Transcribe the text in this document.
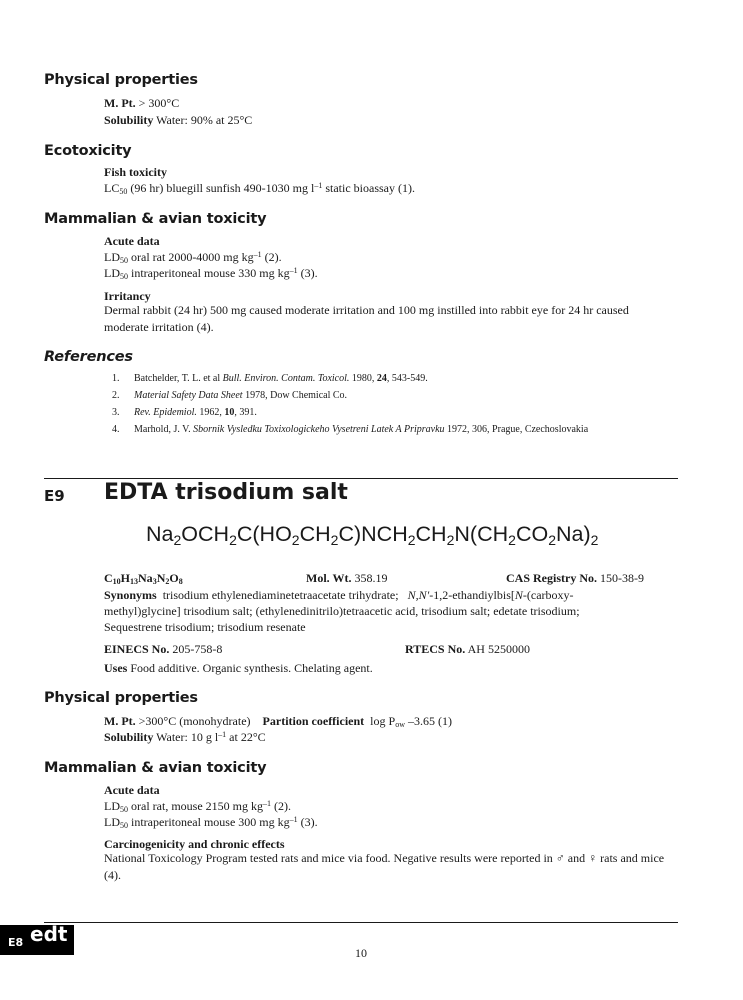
Physical properties
M. Pt. > 300°C
Solubility Water: 90% at 25°C
Ecotoxicity
Fish toxicity
$LC_{50}$ (96 hr) bluegill sunfish 490-1030 mg $l^{-1}$ static bioassay (1).
Mammalian & avian toxicity
Acute data
$LD_{50}$ oral rat 2000-4000 mg $kg^{-1}$ (2).
$LD_{50}$ intraperitoneal mouse 330 mg $kg^{-1}$ (3).
Irritancy
Dermal rabbit (24 hr) 500 mg caused moderate irritation and 100 mg instilled into rabbit eye for 24 hr caused moderate irritation (4).
References
1. Batchelder, T. L. et al Bull. Environ. Contam. Toxicol. 1980, 24, 543-549.
2. Material Safety Data Sheet 1978, Dow Chemical Co.
3. Rev. Epidemiol. 1962, 10, 391.
4. Marhold, J. V. Sbornik Vysledku Toxixologickeho Vysetreni Latek A Pripravku 1972, 306, Prague, Czechoslovakia
E9 EDTA trisodium salt
$Na_2OCH_2C(HO_2CH_2C)NCH_2CH_2N(CH_2CO_2Na)_2$
$C_{10}H_{13}Na_3N_2O_8$	Mol. Wt. 358.19	CAS Registry No. 150-38-9
Synonyms trisodium ethylenediaminetetraacetate trihydrate; N,N′-1,2-ethandiylbis[N-(carboxy-
methyl)glycine] trisodium salt; (ethylenedinitrilo)tetraacetic acid, trisodium salt; edetate trisodium;
Sequestrene trisodium; trisodium resenate
EINECS No. 205-758-8	RTECS No. AH 5250000
Uses Food additive. Organic synthesis. Chelating agent.
Physical properties
M. Pt. >300°C (monohydrate) Partition coefficient $\log P_{ow}$ –3.65 (1)
Solubility Water: 10 g $l^{-1}$ at 22°C
Mammalian & avian toxicity
Acute data
$LD_{50}$ oral rat, mouse 2150 mg $kg^{-1}$ (2).
$LD_{50}$ intraperitoneal mouse 300 mg $kg^{-1}$ (3).
Carcinogenicity and chronic effects
National Toxicology Program tested rats and mice via food. Negative results were reported in ♂ and ♀ rats and mice (4).
E8 edt
10
